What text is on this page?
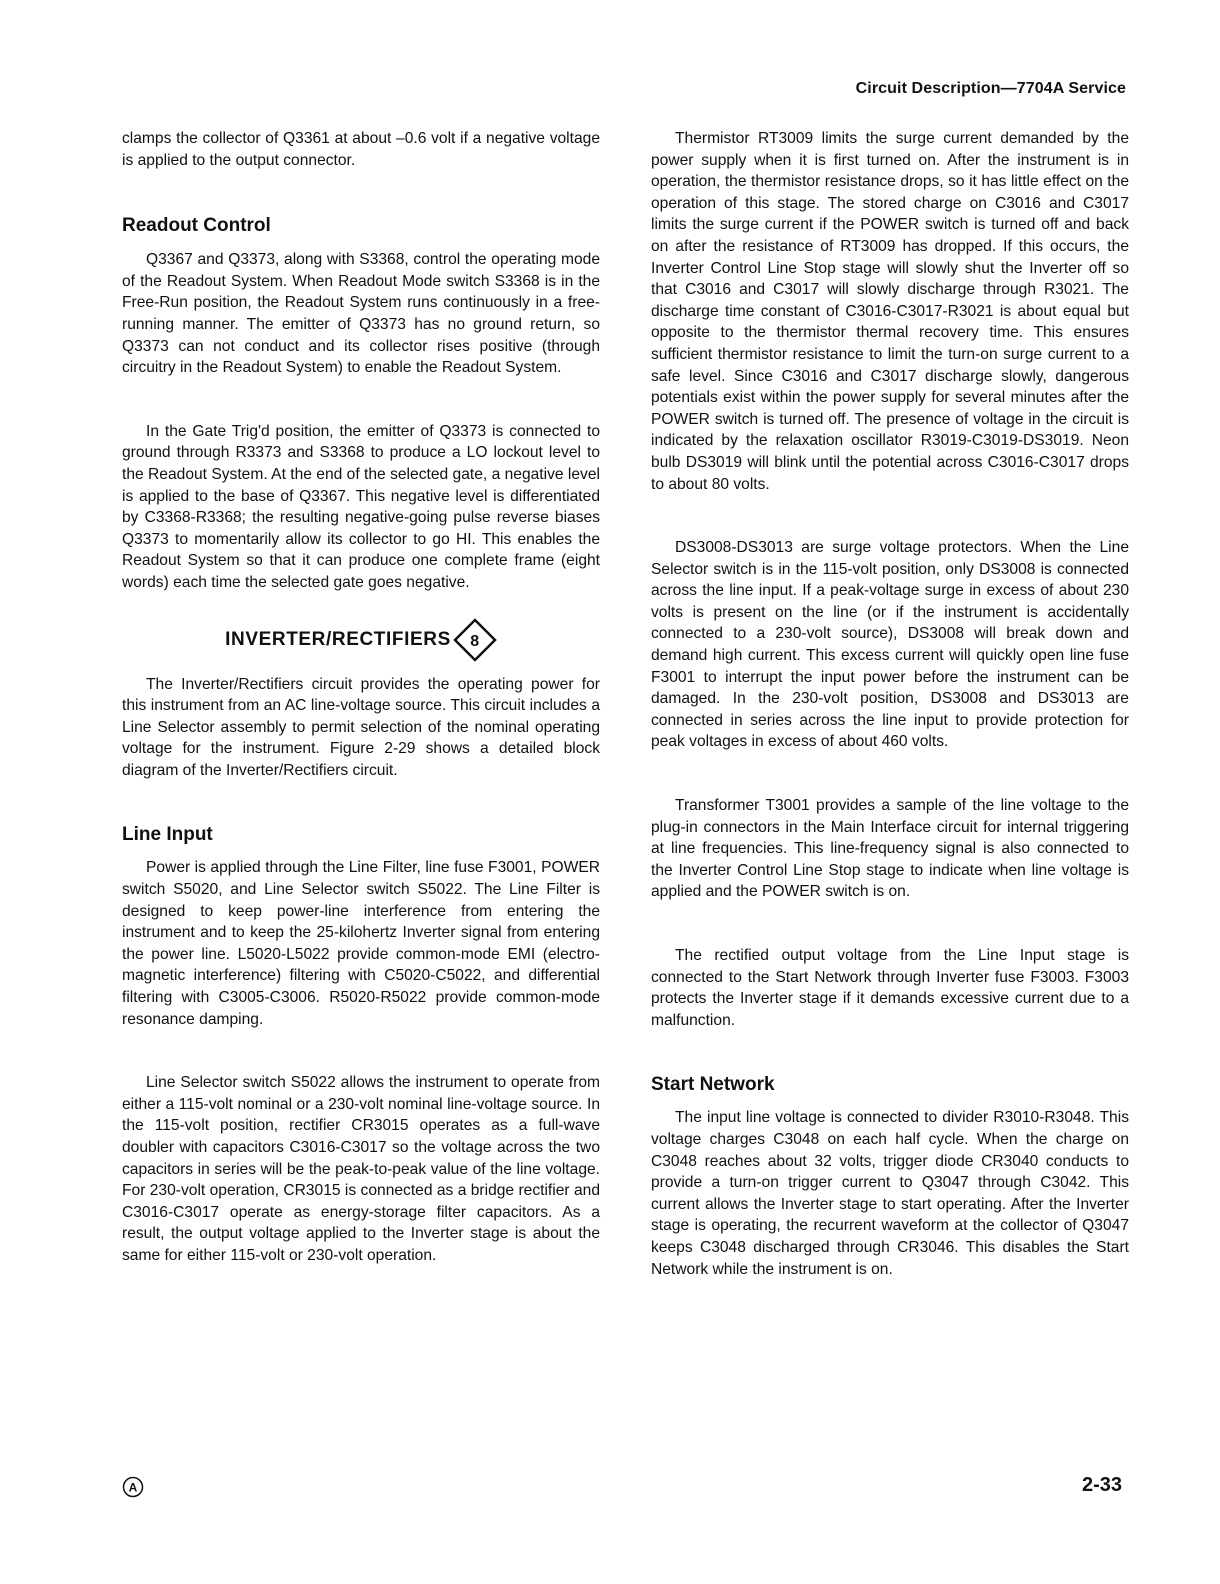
Circuit Description—7704A Service

clamps the collector of Q3361 at about –0.6 volt if a negative voltage is applied to the output connector.

Readout Control

Q3367 and Q3373, along with S3368, control the operating mode of the Readout System. When Readout Mode switch S3368 is in the Free-Run position, the Readout System runs continuously in a free-running manner. The emitter of Q3373 has no ground return, so Q3373 can not conduct and its collector rises positive (through circuitry in the Readout System) to enable the Readout System.

In the Gate Trig'd position, the emitter of Q3373 is connected to ground through R3373 and S3368 to produce a LO lockout level to the Readout System. At the end of the selected gate, a negative level is applied to the base of Q3367. This negative level is differentiated by C3368-R3368; the resulting negative-going pulse reverse biases Q3373 to momentarily allow its collector to go HI. This enables the Readout System so that it can produce one complete frame (eight words) each time the selected gate goes negative.

INVERTER/RECTIFIERS 8

The Inverter/Rectifiers circuit provides the operating power for this instrument from an AC line-voltage source. This circuit includes a Line Selector assembly to permit selection of the nominal operating voltage for the instrument. Figure 2-29 shows a detailed block diagram of the Inverter/Rectifiers circuit.

Line Input

Power is applied through the Line Filter, line fuse F3001, POWER switch S5020, and Line Selector switch S5022. The Line Filter is designed to keep power-line interference from entering the instrument and to keep the 25-kilohertz Inverter signal from entering the power line. L5020-L5022 provide common-mode EMI (electro-magnetic interference) filtering with C5020-C5022, and differential filtering with C3005-C3006. R5020-R5022 provide common-mode resonance damping.

Line Selector switch S5022 allows the instrument to operate from either a 115-volt nominal or a 230-volt nominal line-voltage source. In the 115-volt position, rectifier CR3015 operates as a full-wave doubler with capacitors C3016-C3017 so the voltage across the two capacitors in series will be the peak-to-peak value of the line voltage. For 230-volt operation, CR3015 is connected as a bridge rectifier and C3016-C3017 operate as energy-storage filter capacitors. As a result, the output voltage applied to the Inverter stage is about the same for either 115-volt or 230-volt operation.

Thermistor RT3009 limits the surge current demanded by the power supply when it is first turned on. After the instrument is in operation, the thermistor resistance drops, so it has little effect on the operation of this stage. The stored charge on C3016 and C3017 limits the surge current if the POWER switch is turned off and back on after the resistance of RT3009 has dropped. If this occurs, the Inverter Control Line Stop stage will slowly shut the Inverter off so that C3016 and C3017 will slowly discharge through R3021. The discharge time constant of C3016-C3017-R3021 is about equal but opposite to the thermistor thermal recovery time. This ensures sufficient thermistor resistance to limit the turn-on surge current to a safe level. Since C3016 and C3017 discharge slowly, dangerous potentials exist within the power supply for several minutes after the POWER switch is turned off. The presence of voltage in the circuit is indicated by the relaxation oscillator R3019-C3019-DS3019. Neon bulb DS3019 will blink until the potential across C3016-C3017 drops to about 80 volts.

DS3008-DS3013 are surge voltage protectors. When the Line Selector switch is in the 115-volt position, only DS3008 is connected across the line input. If a peak-voltage surge in excess of about 230 volts is present on the line (or if the instrument is accidentally connected to a 230-volt source), DS3008 will break down and demand high current. This excess current will quickly open line fuse F3001 to interrupt the input power before the instrument can be damaged. In the 230-volt position, DS3008 and DS3013 are connected in series across the line input to provide protection for peak voltages in excess of about 460 volts.

Transformer T3001 provides a sample of the line voltage to the plug-in connectors in the Main Interface circuit for internal triggering at line frequencies. This line-frequency signal is also connected to the Inverter Control Line Stop stage to indicate when line voltage is applied and the POWER switch is on.

The rectified output voltage from the Line Input stage is connected to the Start Network through Inverter fuse F3003. F3003 protects the Inverter stage if it demands excessive current due to a malfunction.

Start Network

The input line voltage is connected to divider R3010-R3048. This voltage charges C3048 on each half cycle. When the charge on C3048 reaches about 32 volts, trigger diode CR3040 conducts to provide a turn-on trigger current to Q3047 through C3042. This current allows the Inverter stage to start operating. After the Inverter stage is operating, the recurrent waveform at the collector of Q3047 keeps C3048 discharged through CR3046. This disables the Start Network while the instrument is on.

A	2-33
